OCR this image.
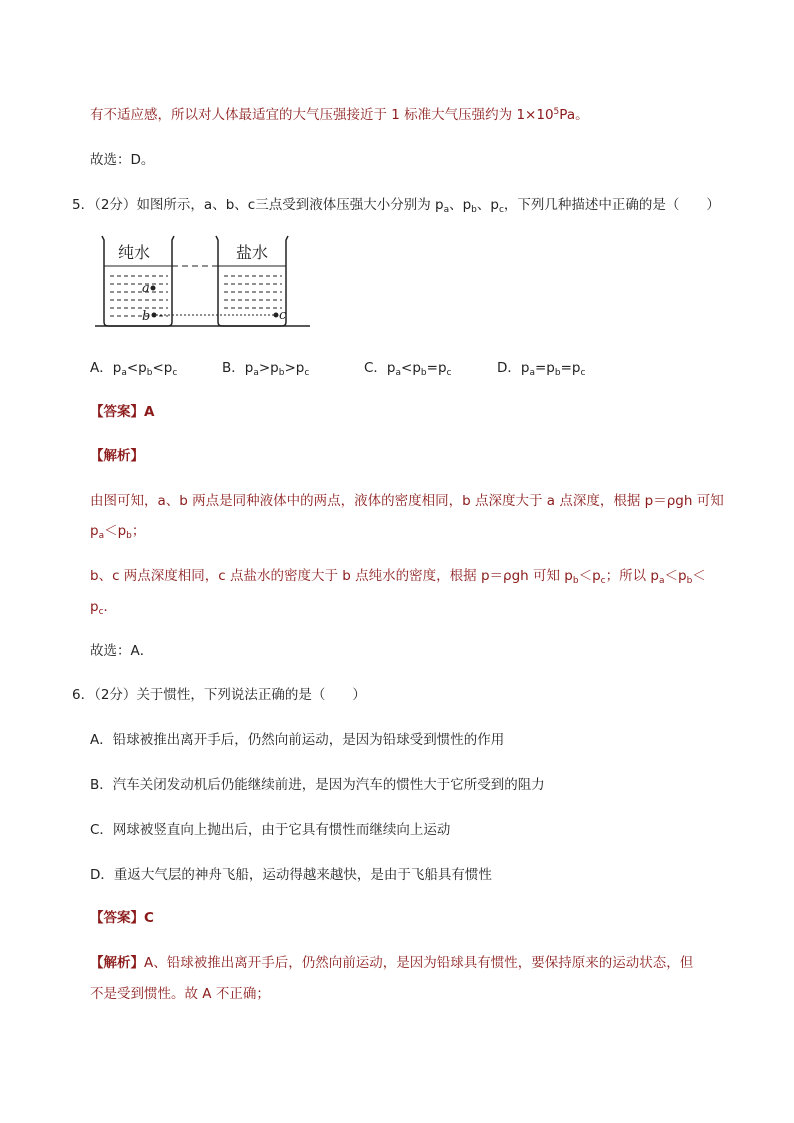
有不适应感，所以对人体最适宜的大气压强接近于 1 标准大气压强约为 $1\times 10^5Pa$。
故选：D。
5．（2分）如图所示，a、b、c三点受到液体压强大小分别为 $p_a$、$p_b$、$p_c$，下列几种描述中正确的是（　　）
纯水
a
b
盐水
c
A．$p_a<p_b<p_c$	B．$p_a>p_b>p_c$	C．$p_a<p_b=p_c$	D．$p_a=p_b=p_c$
【答案】A
【解析】
由图可知，a、b 两点是同种液体中的两点，液体的密度相同，b 点深度大于 a 点深度，根据 p＝ρgh 可知
$p_a<p_b$；
b、c 两点深度相同，c 点盐水的密度大于 b 点纯水的密度，根据 p＝ρgh 可知 $p_b<p_c$；所以 $p_a<p_b<$
$p_c$．
故选：A．
6．（2分）关于惯性，下列说法正确的是（　　）
A．铅球被推出离开手后，仍然向前运动，是因为铅球受到惯性的作用
B．汽车关闭发动机后仍能继续前进，是因为汽车的惯性大于它所受到的阻力
C．网球被竖直向上抛出后，由于它具有惯性而继续向上运动
D．重返大气层的神舟飞船，运动得越来越快，是由于飞船具有惯性
【答案】C
【解析】A、铅球被推出离开手后，仍然向前运动，是因为铅球具有惯性，要保持原来的运动状态，但
不是受到惯性。故 A 不正确；
